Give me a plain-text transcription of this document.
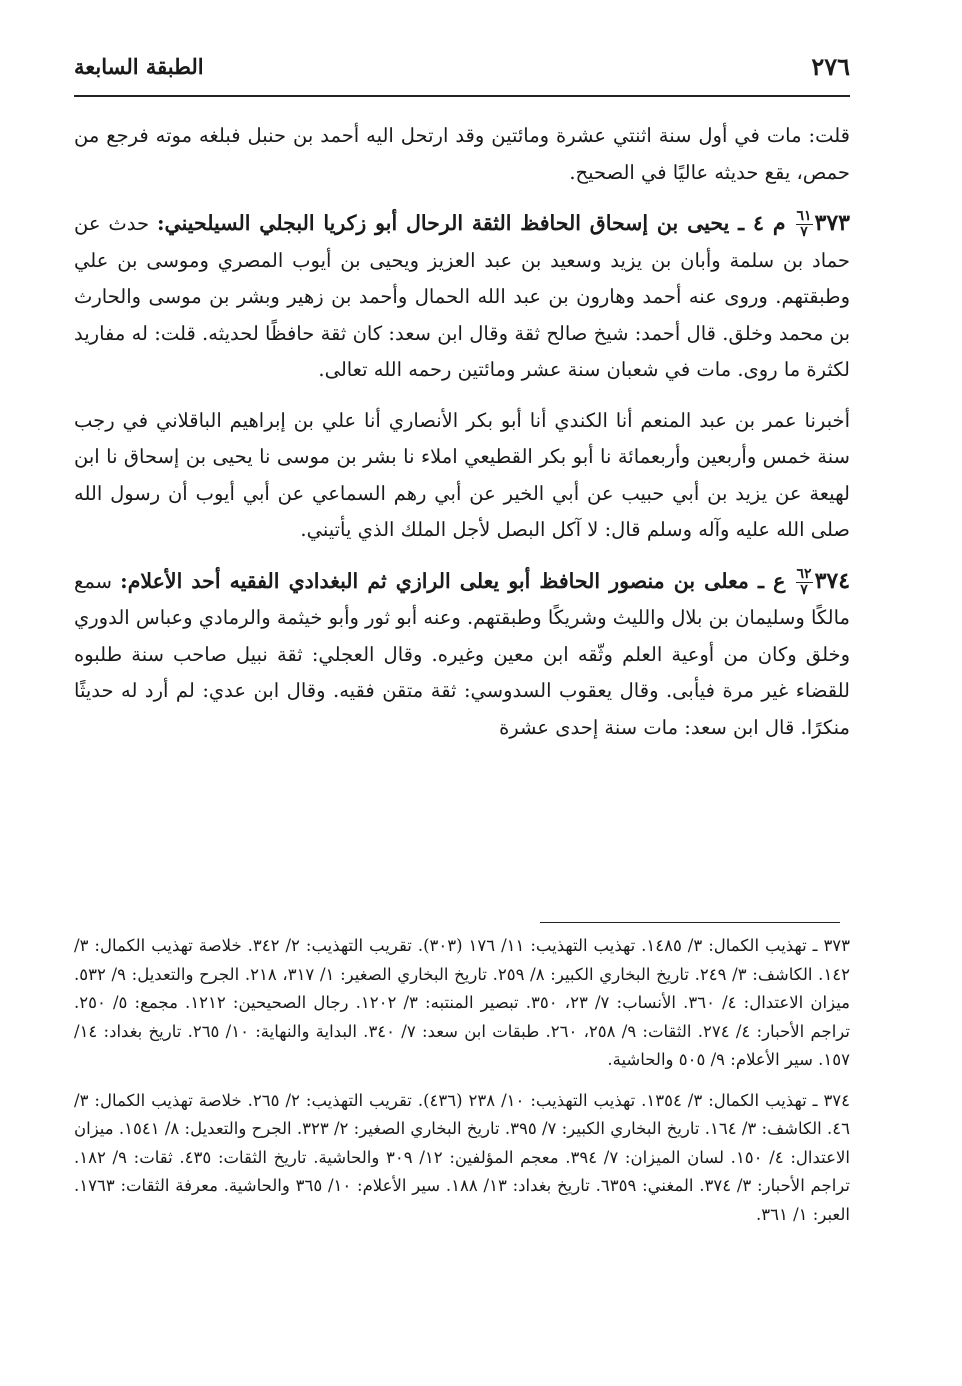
٢٧٦
الطبقة السابعة

قلت: مات في أول سنة اثنتي عشرة ومائتين وقد ارتحل اليه أحمد بن حنبل فبلغه موته فرجع من حمص، يقع حديثه عاليًا في الصحيح.

٣٧٣
$\frac{٦١}{٧}$
م ٤ ـ يحيى بن إسحاق الحافظ الثقة الرحال أبو زكريا البجلي السيلحيني: حدث عن حماد بن سلمة وأبان بن يزيد وسعيد بن عبد العزيز ويحيى بن أيوب المصري وموسى بن علي وطبقتهم. وروى عنه أحمد وهارون بن عبد الله الحمال وأحمد بن زهير وبشر بن موسى والحارث بن محمد وخلق. قال أحمد: شيخ صالح ثقة وقال ابن سعد: كان ثقة حافظًا لحديثه. قلت: له مفاريد لكثرة ما روى. مات في شعبان سنة عشر ومائتين رحمه الله تعالى.

أخبرنا عمر بن عبد المنعم أنا الكندي أنا أبو بكر الأنصاري أنا علي بن إبراهيم الباقلاني في رجب سنة خمس وأربعين وأربعمائة نا أبو بكر القطيعي املاء نا بشر بن موسى نا يحيى بن إسحاق نا ابن لهيعة عن يزيد بن أبي حبيب عن أبي الخير عن أبي رهم السماعي عن أبي أيوب أن رسول الله صلى الله عليه وآله وسلم قال: لا آكل البصل لأجل الملك الذي يأتيني.

٣٧٤
$\frac{٦٢}{٧}$
ع ـ معلى بن منصور الحافظ أبو يعلى الرازي ثم البغدادي الفقيه أحد الأعلام: سمع مالكًا وسليمان بن بلال والليث وشريكًا وطبقتهم. وعنه أبو ثور وأبو خيثمة والرمادي وعباس الدوري وخلق وكان من أوعية العلم وثّقه ابن معين وغيره. وقال العجلي: ثقة نبيل صاحب سنة طلبوه للقضاء غير مرة فيأبى. وقال يعقوب السدوسي: ثقة متقن فقيه. وقال ابن عدي: لم أرد له حديثًا منكرًا. قال ابن سعد: مات سنة إحدى عشرة

٣٧٣ ـ تهذيب الكمال: ٣/ ١٤٨٥. تهذيب التهذيب: ١١/ ١٧٦ (٣٠٣). تقريب التهذيب: ٢/ ٣٤٢. خلاصة تهذيب الكمال: ٣/ ١٤٢. الكاشف: ٣/ ٢٤٩. تاريخ البخاري الكبير: ٨/ ٢٥٩. تاريخ البخاري الصغير: ١/ ٣١٧، ٢١٨. الجرح والتعديل: ٩/ ٥٣٢. ميزان الاعتدال: ٤/ ٣٦٠. الأنساب: ٧/ ٢٣، ٣٥٠. تبصير المنتبه: ٣/ ١٢٠٢. رجال الصحيحين: ١٢١٢. مجمع: ٥/ ٢٥٠. تراجم الأحبار: ٤/ ٢٧٤. الثقات: ٩/ ٢٥٨، ٢٦٠. طبقات ابن سعد: ٧/ ٣٤٠. البداية والنهاية: ١٠/ ٢٦٥. تاريخ بغداد: ١٤/ ١٥٧. سير الأعلام: ٩/ ٥٠٥ والحاشية.

٣٧٤ ـ تهذيب الكمال: ٣/ ١٣٥٤. تهذيب التهذيب: ١٠/ ٢٣٨ (٤٣٦). تقريب التهذيب: ٢/ ٢٦٥. خلاصة تهذيب الكمال: ٣/ ٤٦. الكاشف: ٣/ ١٦٤. تاريخ البخاري الكبير: ٧/ ٣٩٥. تاريخ البخاري الصغير: ٢/ ٣٢٣. الجرح والتعديل: ٨/ ١٥٤١. ميزان الاعتدال: ٤/ ١٥٠. لسان الميزان: ٧/ ٣٩٤. معجم المؤلفين: ١٢/ ٣٠٩ والحاشية. تاريخ الثقات: ٤٣٥. ثقات: ٩/ ١٨٢. تراجم الأحبار: ٣/ ٣٧٤. المغني: ٦٣٥٩. تاريخ بغداد: ١٣/ ١٨٨. سير الأعلام: ١٠/ ٣٦٥ والحاشية. معرفة الثقات: ١٧٦٣. العبر: ١/ ٣٦١.
